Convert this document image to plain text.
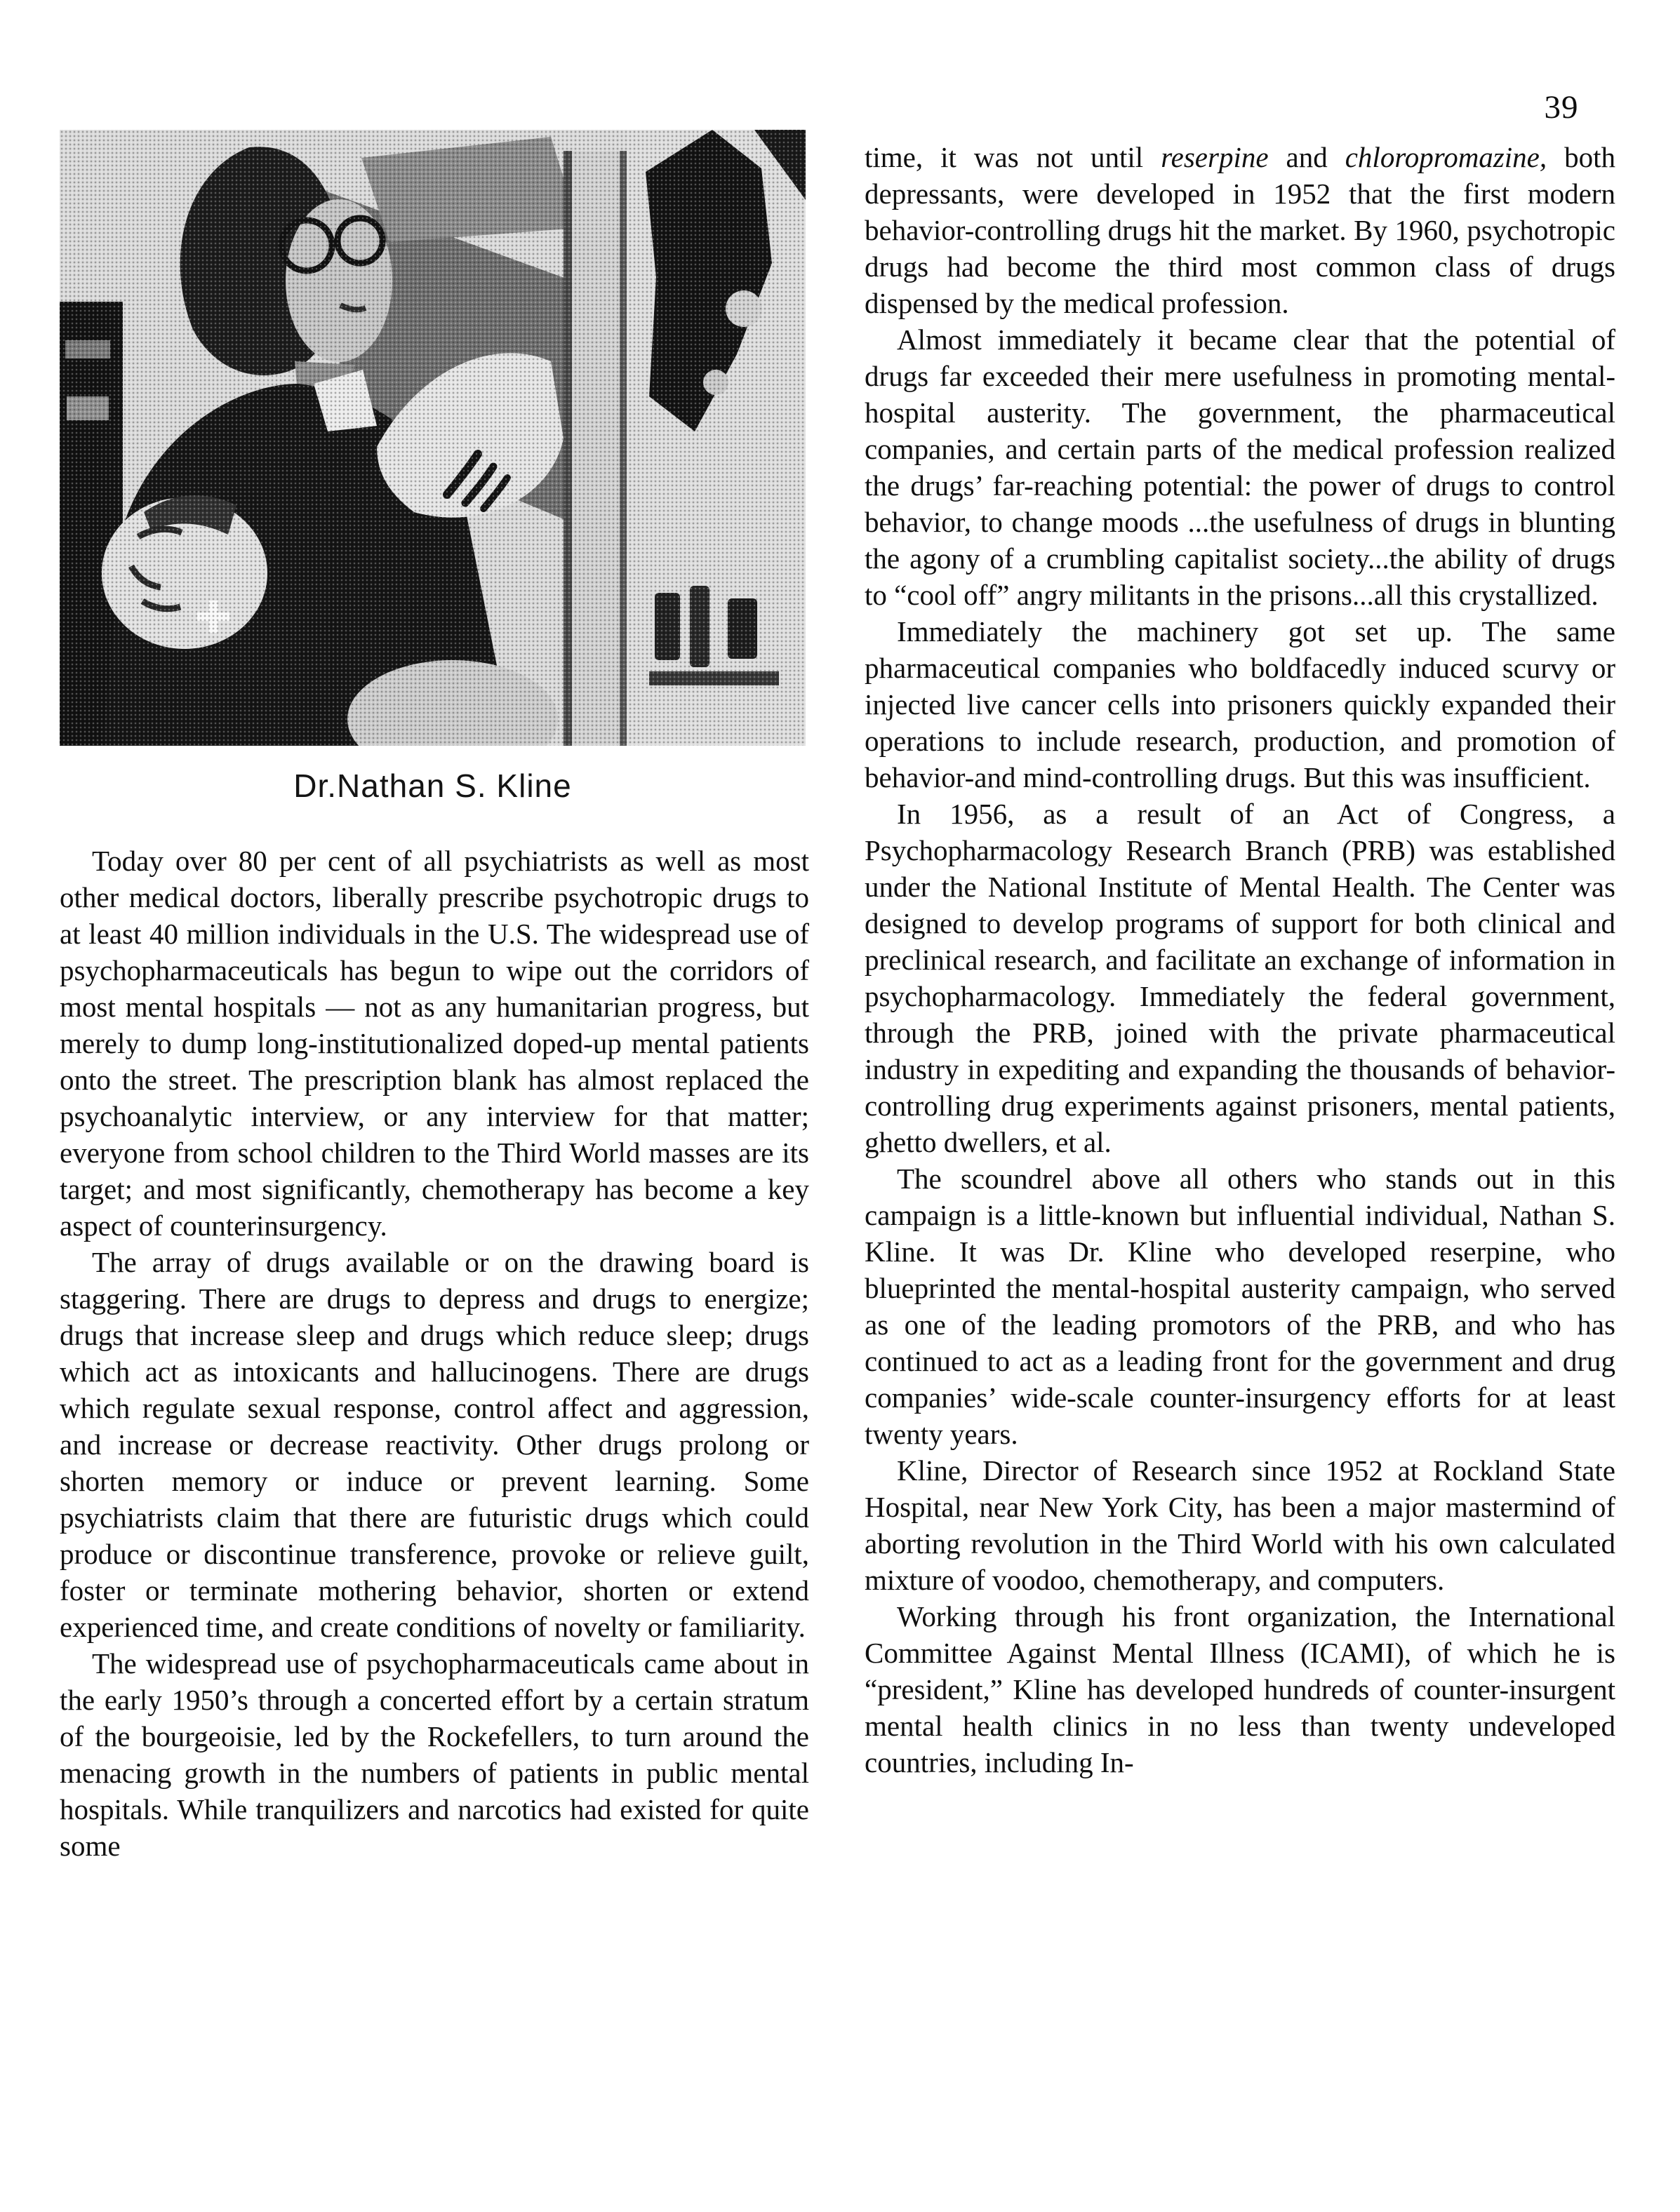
39
Dr.Nathan S. Kline

Today over 80 per cent of all psychiatrists as well as most other medical doctors, liberally prescribe psychotropic drugs to at least 40 million individuals in the U.S. The widespread use of psychopharmaceuticals has begun to wipe out the corridors of most mental hospitals — not as any humanitarian progress, but merely to dump long-institutionalized doped-up mental patients onto the street. The prescription blank has almost replaced the psychoanalytic interview, or any interview for that matter; everyone from school children to the Third World masses are its target; and most significantly, chemotherapy has become a key aspect of counterinsurgency.

The array of drugs available or on the drawing board is staggering. There are drugs to depress and drugs to energize; drugs that increase sleep and drugs which reduce sleep; drugs which act as intoxicants and hallucinogens. There are drugs which regulate sexual response, control affect and aggression, and increase or decrease reactivity. Other drugs prolong or shorten memory or induce or prevent learning. Some psychiatrists claim that there are futuristic drugs which could produce or discontinue transference, provoke or relieve guilt, foster or terminate mothering behavior, shorten or extend experienced time, and create conditions of novelty or familiarity.

The widespread use of psychopharmaceuticals came about in the early 1950’s through a concerted effort by a certain stratum of the bourgeoisie, led by the Rockefellers, to turn around the menacing growth in the numbers of patients in public mental hospitals. While tranquilizers and narcotics had existed for quite some

time, it was not until reserpine and chloropromazine, both depressants, were developed in 1952 that the first modern behavior-controlling drugs hit the market. By 1960, psychotropic drugs had become the third most common class of drugs dispensed by the medical profession.

Almost immediately it became clear that the potential of drugs far exceeded their mere usefulness in promoting mental-hospital austerity. The government, the pharmaceutical companies, and certain parts of the medical profession realized the drugs’ far-reaching potential: the power of drugs to control behavior, to change moods ...the usefulness of drugs in blunting the agony of a crumbling capitalist society...the ability of drugs to “cool off” angry militants in the prisons...all this crystallized.

Immediately the machinery got set up. The same pharmaceutical companies who boldfacedly induced scurvy or injected live cancer cells into prisoners quickly expanded their operations to include research, production, and promotion of behavior-and mind-controlling drugs. But this was insufficient.

In 1956, as a result of an Act of Congress, a Psychopharmacology Research Branch (PRB) was established under the National Institute of Mental Health. The Center was designed to develop programs of support for both clinical and preclinical research, and facilitate an exchange of information in psychopharmacology. Immediately the federal government, through the PRB, joined with the private pharmaceutical industry in expediting and expanding the thousands of behavior-controlling drug experiments against prisoners, mental patients, ghetto dwellers, et al.

The scoundrel above all others who stands out in this campaign is a little-known but influential individual, Nathan S. Kline. It was Dr. Kline who developed reserpine, who blueprinted the mental-hospital austerity campaign, who served as one of the leading promotors of the PRB, and who has continued to act as a leading front for the government and drug companies’ wide-scale counter-insurgency efforts for at least twenty years.

Kline, Director of Research since 1952 at Rockland State Hospital, near New York City, has been a major mastermind of aborting revolution in the Third World with his own calculated mixture of voodoo, chemotherapy, and computers.

Working through his front organization, the International Committee Against Mental Illness (ICAMI), of which he is “president,” Kline has developed hundreds of counter-insurgent mental health clinics in no less than twenty undeveloped countries, including In-
